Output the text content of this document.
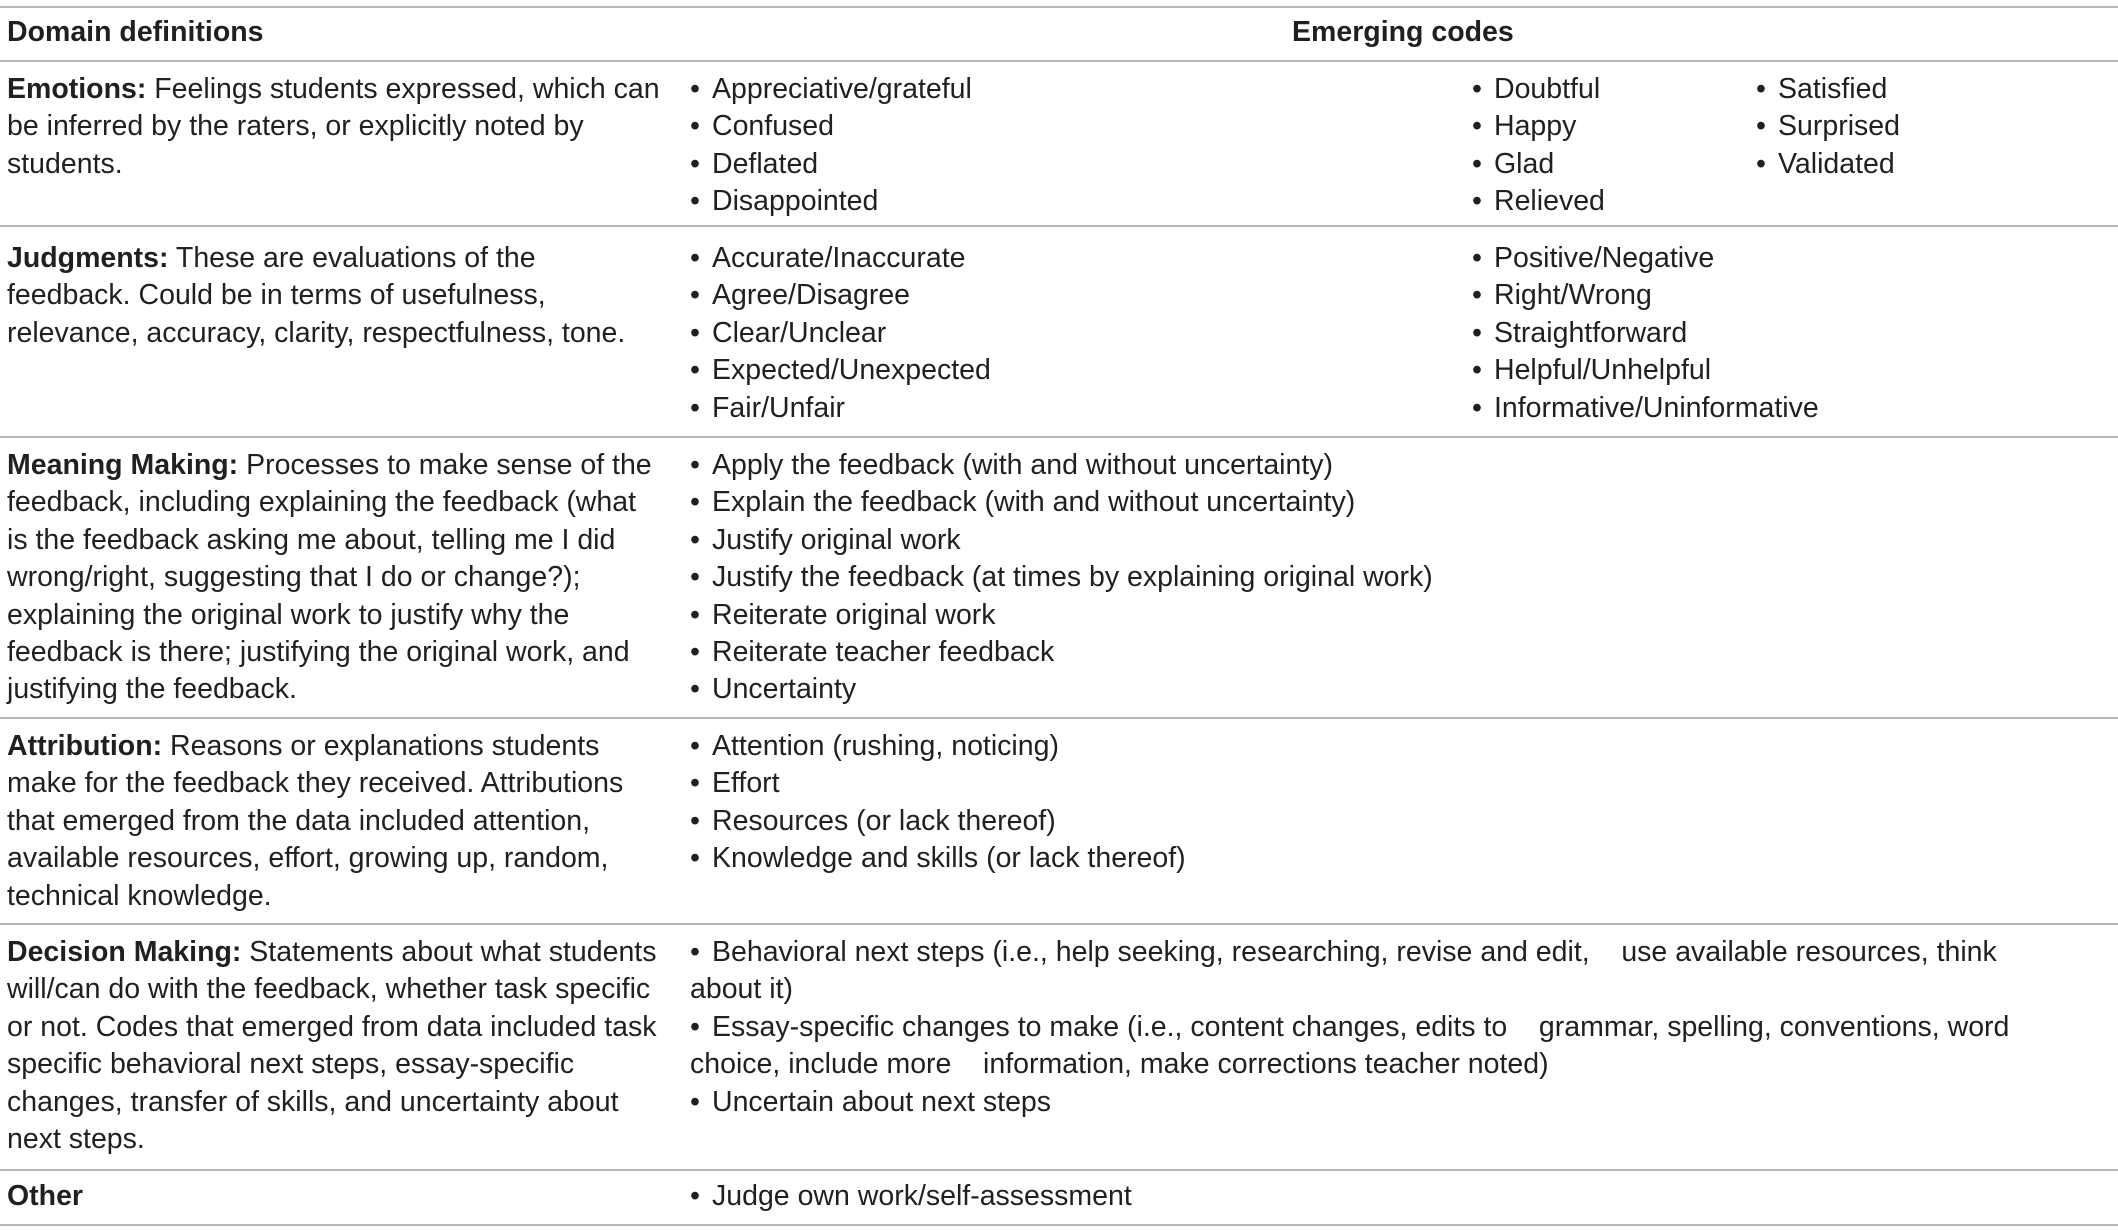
Domain definitions	Emerging codes
Emotions: Feelings students expressed, which can be inferred by the raters, or explicitly noted by students.
• Appreciative/grateful
• Confused
• Deflated
• Disappointed
• Doubtful
• Happy
• Glad
• Relieved
• Satisfied
• Surprised
• Validated
Judgments: These are evaluations of the feedback. Could be in terms of usefulness, relevance, accuracy, clarity, respectfulness, tone.
• Accurate/Inaccurate
• Agree/Disagree
• Clear/Unclear
• Expected/Unexpected
• Fair/Unfair
• Positive/Negative
• Right/Wrong
• Straightforward
• Helpful/Unhelpful
• Informative/Uninformative
Meaning Making: Processes to make sense of the feedback, including explaining the feedback (what is the feedback asking me about, telling me I did wrong/right, suggesting that I do or change?); explaining the original work to justify why the feedback is there; justifying the original work, and justifying the feedback.
• Apply the feedback (with and without uncertainty)
• Explain the feedback (with and without uncertainty)
• Justify original work
• Justify the feedback (at times by explaining original work)
• Reiterate original work
• Reiterate teacher feedback
• Uncertainty
Attribution: Reasons or explanations students make for the feedback they received. Attributions that emerged from the data included attention, available resources, effort, growing up, random, technical knowledge.
• Attention (rushing, noticing)
• Effort
• Resources (or lack thereof)
• Knowledge and skills (or lack thereof)
Decision Making: Statements about what students will/can do with the feedback, whether task specific or not. Codes that emerged from data included task specific behavioral next steps, essay-specific changes, transfer of skills, and uncertainty about next steps.
• Behavioral next steps (i.e., help seeking, researching, revise and edit,    use available resources, think about it)
• Essay-specific changes to make (i.e., content changes, edits to    grammar, spelling, conventions, word choice, include more    information, make corrections teacher noted)
• Uncertain about next steps
Other
•	Judge own work/self-assessment
